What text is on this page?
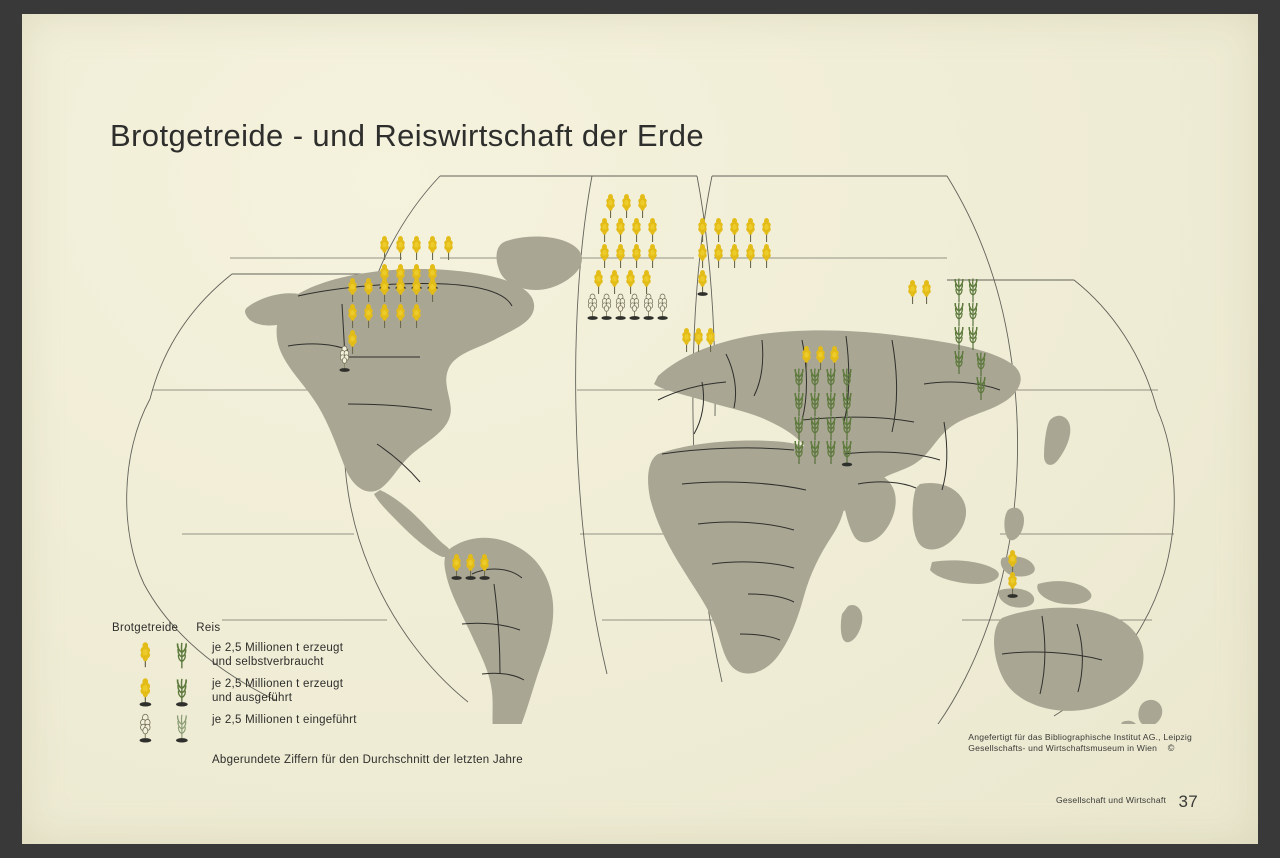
Brotgetreide - und Reiswirtschaft der Erde
Brotgetreide Reis
je 2,5 Millionen t erzeugt
und selbstverbraucht
je 2,5 Millionen t erzeugt
und ausgeführt
je 2,5 Millionen t eingeführt
Abgerundete Ziffern für den Durchschnitt der letzten Jahre
Angefertigt für das Bibliographische Institut AG., Leipzig
Gesellschafts- und Wirtschaftsmuseum in Wien ©
$^{Gesellschaft und Wirtschaft}$ 37
